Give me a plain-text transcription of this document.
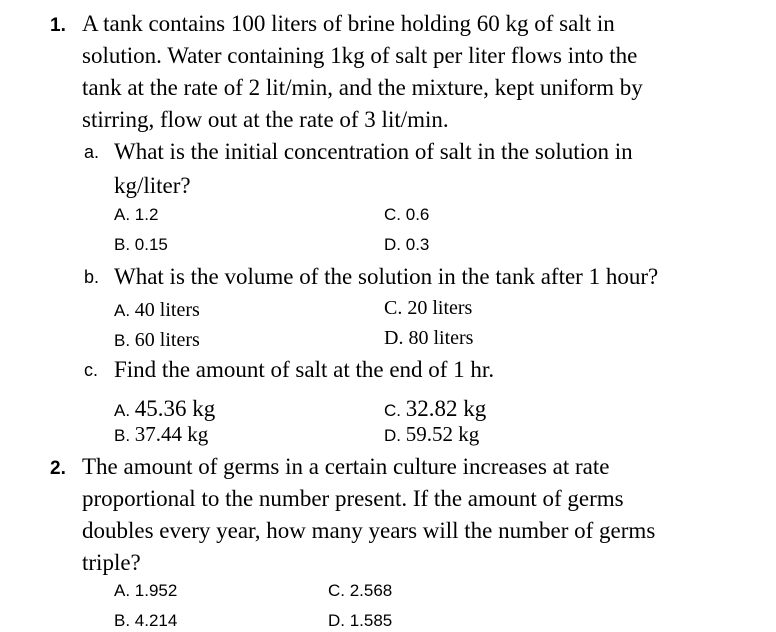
1. A tank contains 100 liters of brine holding 60 kg of salt in
solution. Water containing 1kg of salt per liter flows into the
tank at the rate of 2 lit/min, and the mixture, kept uniform by
stirring, flow out at the rate of 3 lit/min.
a. What is the initial concentration of salt in the solution in
kg/liter?
A. 1.2	C. 0.6
B. 0.15	D. 0.3
b. What is the volume of the solution in the tank after 1 hour?
A. 40 liters	C. 20 liters
B. 60 liters	D. 80 liters
c. Find the amount of salt at the end of 1 hr.
A. 45.36 kg	C. 32.82 kg
B. 37.44 kg	D. 59.52 kg
2. The amount of germs in a certain culture increases at rate
proportional to the number present. If the amount of germs
doubles every year, how many years will the number of germs
triple?
A. 1.952	C. 2.568
B. 4.214	D. 1.585
